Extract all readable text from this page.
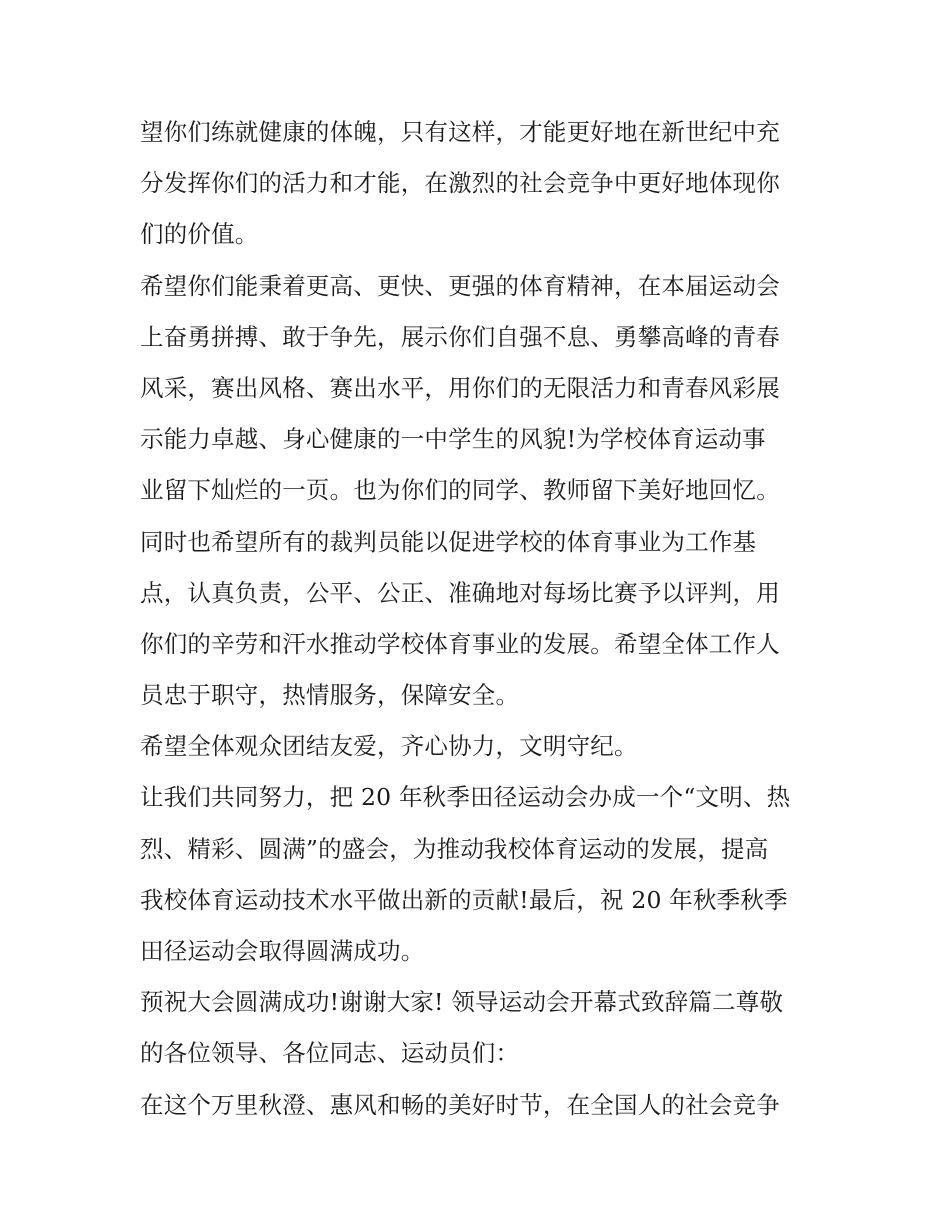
望你们练就健康的体魄，只有这样，才能更好地在新世纪中充
分发挥你们的活力和才能，在激烈的社会竞争中更好地体现你
们的价值。
希望你们能秉着更高、更快、更强的体育精神，在本届运动会
上奋勇拼搏、敢于争先，展示你们自强不息、勇攀高峰的青春
风采，赛出风格、赛出水平，用你们的无限活力和青春风彩展
示能力卓越、身心健康的一中学生的风貌!为学校体育运动事
业留下灿烂的一页。也为你们的同学、教师留下美好地回忆。
同时也希望所有的裁判员能以促进学校的体育事业为工作基
点，认真负责，公平、公正、准确地对每场比赛予以评判，用
你们的辛劳和汗水推动学校体育事业的发展。希望全体工作人
员忠于职守，热情服务，保障安全。
希望全体观众团结友爱，齐心协力，文明守纪。
让我们共同努力，把 20 年秋季田径运动会办成一个“文明、热
烈、精彩、圆满”的盛会，为推动我校体育运动的发展，提高
我校体育运动技术水平做出新的贡献!最后，祝 20 年秋季秋季
田径运动会取得圆满成功。
预祝大会圆满成功!谢谢大家! 领导运动会开幕式致辞篇二尊敬
的各位领导、各位同志、运动员们：
在这个万里秋澄、惠风和畅的美好时节，在全国人的社会竞争
